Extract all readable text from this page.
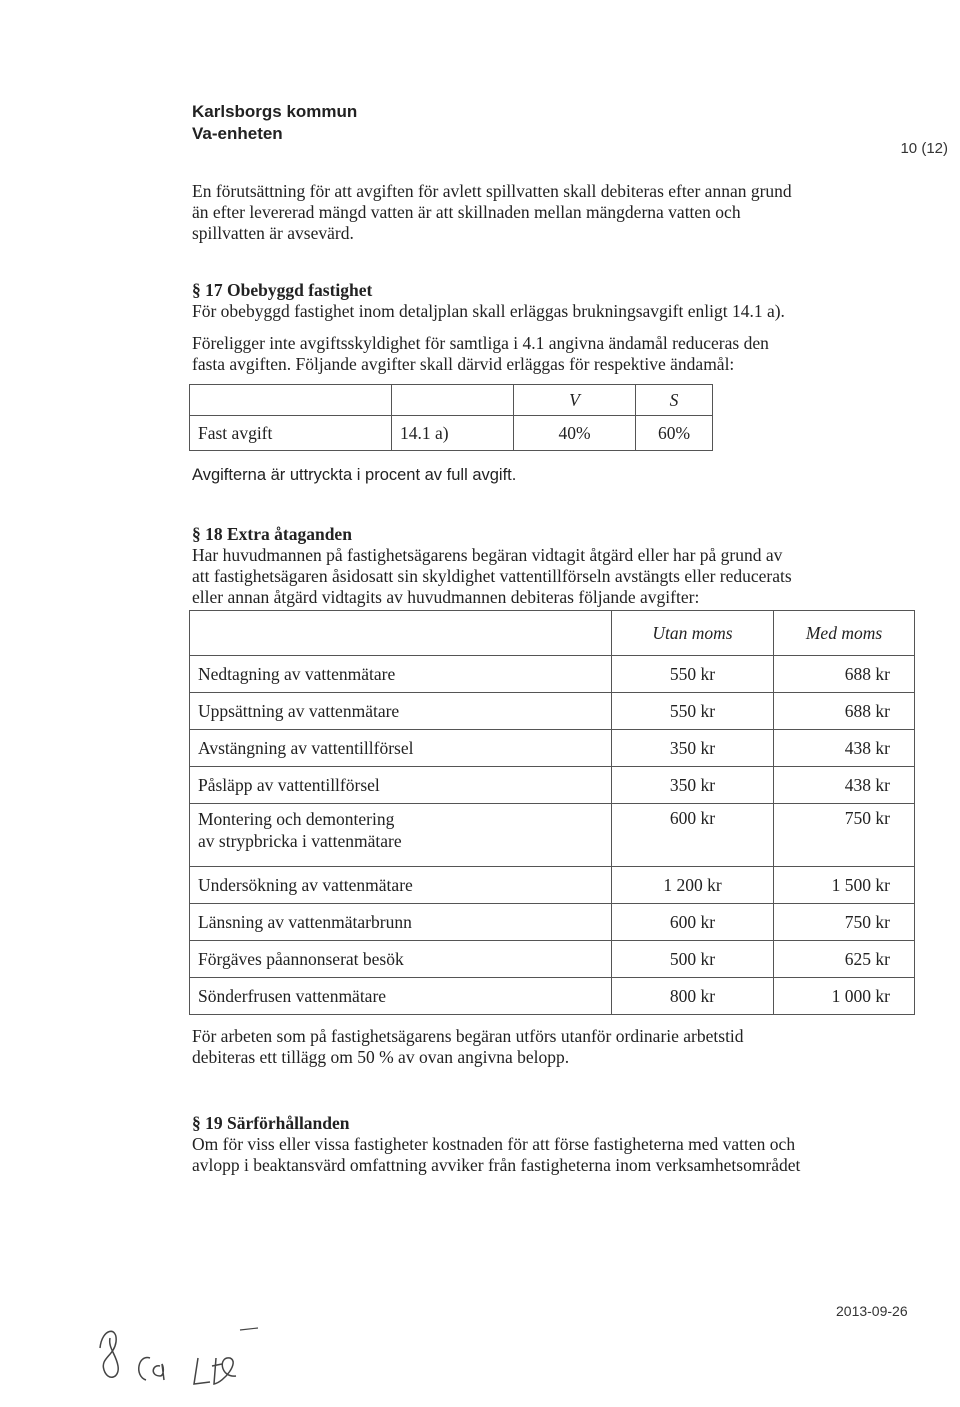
Karlsborgs kommun
Va-enheten
10 (12)
En förutsättning för att avgiften för avlett spillvatten skall debiteras efter annan grund
än efter levererad mängd vatten är att skillnaden mellan mängderna vatten och
spillvatten är avsevärd.
§ 17 Obebyggd fastighet
För obebyggd fastighet inom detaljplan skall erläggas brukningsavgift enligt 14.1 a).
Föreligger inte avgiftsskyldighet för samtliga i 4.1 angivna ändamål reduceras den
fasta avgiften. Följande avgifter skall därvid erläggas för respektive ändamål:
		V	S
Fast avgift	14.1 a)	40%	60%
Avgifterna är uttryckta i procent av full avgift.
§ 18 Extra åtaganden
Har huvudmannen på fastighetsägarens begäran vidtagit åtgärd eller har på grund av
att fastighetsägaren åsidosatt sin skyldighet vattentillförseln avstängts eller reducerats
eller annan åtgärd vidtagits av huvudmannen debiteras följande avgifter:
	Utan moms	Med moms
Nedtagning av vattenmätare	550 kr	688 kr
Uppsättning av vattenmätare	550 kr	688 kr
Avstängning av vattentillförsel	350 kr	438 kr
Påsläpp av vattentillförsel	350 kr	438 kr
Montering och demontering av strypbricka i vattenmätare	600 kr	750 kr
Undersökning av vattenmätare	1 200 kr	1 500 kr
Länsning av vattenmätarbrunn	600 kr	750 kr
Förgäves påannonserat besök	500 kr	625 kr
Sönderfrusen vattenmätare	800 kr	1 000 kr
För arbeten som på fastighetsägarens begäran utförs utanför ordinarie arbetstid
debiteras ett tillägg om 50 % av ovan angivna belopp.
§ 19 Särförhållanden
Om för viss eller vissa fastigheter kostnaden för att förse fastigheterna med vatten och
avlopp i beaktansvärd omfattning avviker från fastigheterna inom verksamhetsområdet
2013-09-26
